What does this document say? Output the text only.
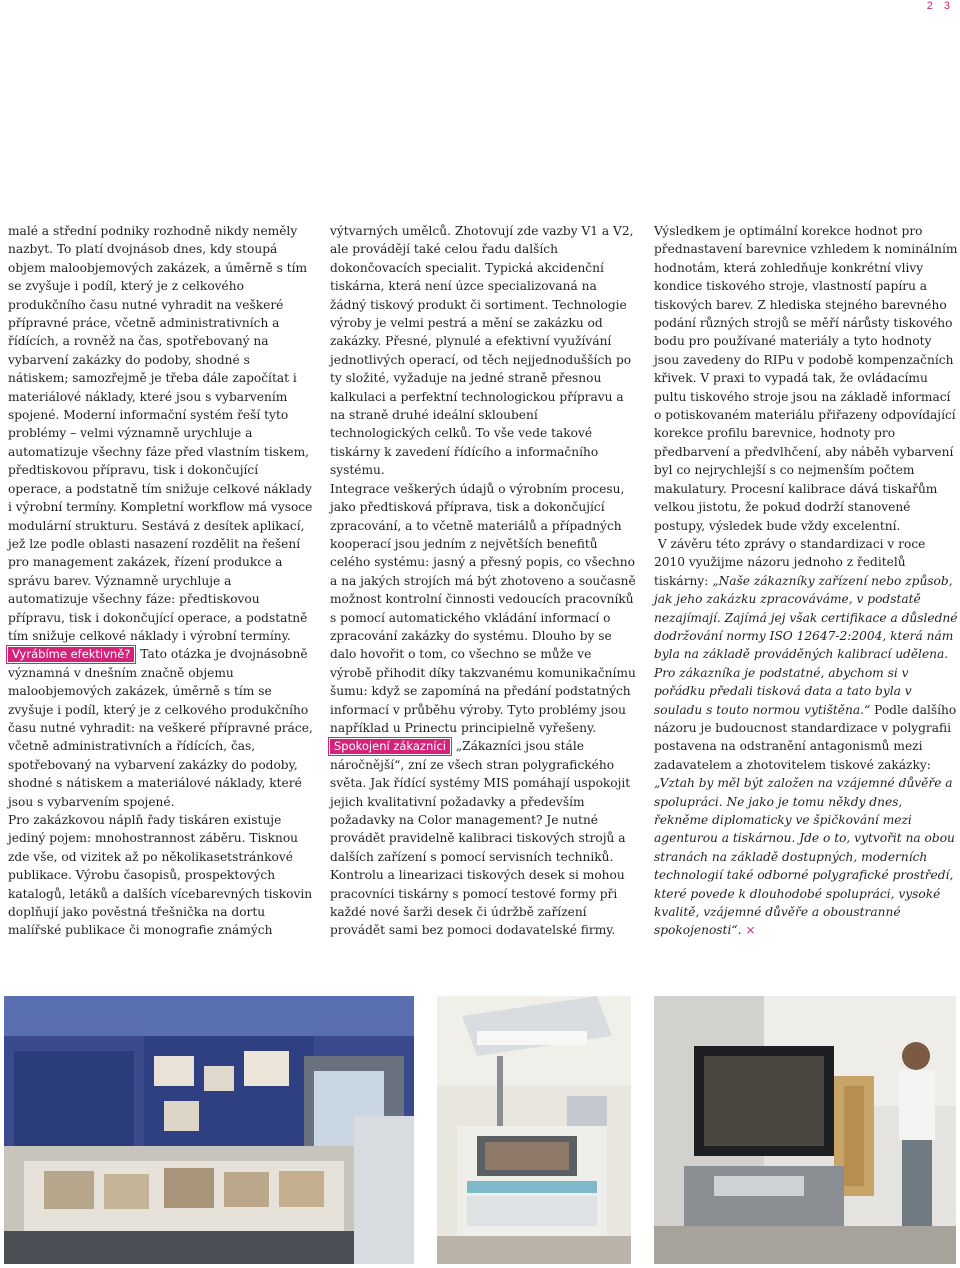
2 3

malé a střední podniky rozhodně nikdy neměly nazbyt. To platí dvojnásob dnes, kdy stoupá objem maloobjemových zakázek, a úměrně s tím se zvyšuje i podíl, který je z celkového produkčního času nutné vyhradit na veškeré přípravné práce, včetně administrativních a řídících, a rovněž na čas, spotřebovaný na vybarvení zakázky do podoby, shodné s nátiskem; samozřejmě je třeba dále započítat i materiálové náklady, které jsou s vybarvením spojené. Moderní informační systém řeší tyto problémy – velmi významně urychluje a automatizuje všechny fáze před vlastním tiskem, předtiskovou přípravu, tisk i dokončující operace, a podstatně tím snižuje celkové náklady i výrobní termíny. Kompletní workflow má vysoce modulární strukturu. Sestává z desítek aplikací, jež lze podle oblasti nasazení rozdělit na řešení pro management zakázek, řízení produkce a správu barev. Významně urychluje a automatizuje všechny fáze: předtiskovou přípravu, tisk i dokončující operace, a podstatně tím snižuje celkové náklady i výrobní termíny.

Vyrábíme efektivně? Tato otázka je dvojnásobně významná v dnešním značně objemu maloobjemových zakázek, úměrně s tím se zvyšuje i podíl, který je z celkového produkčního času nutné vyhradit: na veškeré přípravné práce, včetně administrativních a řídících, čas, spotřebovaný na vybarvení zakázky do podoby, shodné s nátiskem a materiálové náklady, které jsou s vybarvením spojené.

Pro zakázkovou náplň řady tiskáren existuje jediný pojem: mnohostrannost záběru. Tisknou zde vše, od vizitek až po několikasetstránkové publikace. Výrobu časopisů, prospektových katalogů, letáků a dalších vícebarevných tiskovin doplňují jako pověstná třešnička na dortu malířské publikace či monografie známých

výtvarných umělců. Zhotovují zde vazby V1 a V2, ale provádějí také celou řadu dalších dokončovacích specialit. Typická akcidenční tiskárna, která není úzce specializovaná na žádný tiskový produkt či sortiment. Technologie výroby je velmi pestrá a mění se zakázku od zakázky. Přesné, plynulé a efektivní využívání jednotlivých operací, od těch nejjednodušších po ty složité, vyžaduje na jedné straně přesnou kalkulaci a perfektní technologickou přípravu a na straně druhé ideální skloubení technologických celků. To vše vede takové tiskárny k zavedení řídícího a informačního systému.

Integrace veškerých údajů o výrobním procesu, jako předtisková příprava, tisk a dokončující zpracování, a to včetně materiálů a případných kooperací jsou jedním z největších benefitů celého systému: jasný a přesný popis, co všechno a na jakých strojích má být zhotoveno a současně možnost kontrolní činnosti vedoucích pracovníků s pomocí automatického vkládání informací o zpracování zakázky do systému. Dlouho by se dalo hovořit o tom, co všechno se může ve výrobě přihodit díky takzvanému komunikačnímu šumu: když se zapomíná na předání podstatných informací v průběhu výroby. Tyto problémy jsou například u Prinectu principielně vyřešeny.

Spokojení zákazníci „Zákazníci jsou stále náročnější“, zní ze všech stran polygrafického světa. Jak řídící systémy MIS pomáhají uspokojit jejich kvalitativní požadavky a především požadavky na Color management? Je nutné provádět pravidelně kalibraci tiskových strojů a dalších zařízení s pomocí servisních techniků. Kontrolu a linearizaci tiskových desek si mohou pracovníci tiskárny s pomocí testové formy při každé nové šarži desek či údržbě zařízení provádět sami bez pomoci dodavatelské firmy.

Výsledkem je optimální korekce hodnot pro přednastavení barevnice vzhledem k nominálním hodnotám, která zohledňuje konkrétní vlivy kondice tiskového stroje, vlastností papíru a tiskových barev. Z hlediska stejného barevného podání různých strojů se měří nárůsty tiskového bodu pro používané materiály a tyto hodnoty jsou zavedeny do RIPu v podobě kompenzačních křivek. V praxi to vypadá tak, že ovládacímu pultu tiskového stroje jsou na základě informací o potiskovaném materiálu přiřazeny odpovídající korekce profilu barevnice, hodnoty pro předbarvení a předvlhčení, aby náběh vybarvení byl co nejrychlejší s co nejmenším počtem makulatury. Procesní kalibrace dává tiskařům velkou jistotu, že pokud dodrží stanovené postupy, výsledek bude vždy excelentní.

V závěru této zprávy o standardizaci v roce 2010 využijme názoru jednoho z ředitelů tiskárny: „Naše zákazníky zařízení nebo způsob, jak jeho zakázku zpracováváme, v podstatě nezajímají. Zajímá jej však certifikace a důsledné dodržování normy ISO 12647-2:2004, která nám byla na základě prováděných kalibrací udělena. Pro zákazníka je podstatné, abychom si v pořádku předali tisková data a tato byla v souladu s touto normou vytištěna.“ Podle dalšího názoru je budoucnost standardizace v polygrafii postavena na odstranění antagonismů mezi zadavatelem a zhotovitelem tiskové zakázky: „Vztah by měl být založen na vzájemné důvěře a spolupráci. Ne jako je tomu někdy dnes, řekněme diplomaticky ve špičkování mezi agenturou a tiskárnou. Jde o to, vytvořit na obou stranách na základě dostupných, moderních technologií také odborné polygrafické prostředí, které povede k dlouhodobé spolupráci, vysoké kvalitě, vzájemné důvěře a oboustranné spokojenosti“. ×
